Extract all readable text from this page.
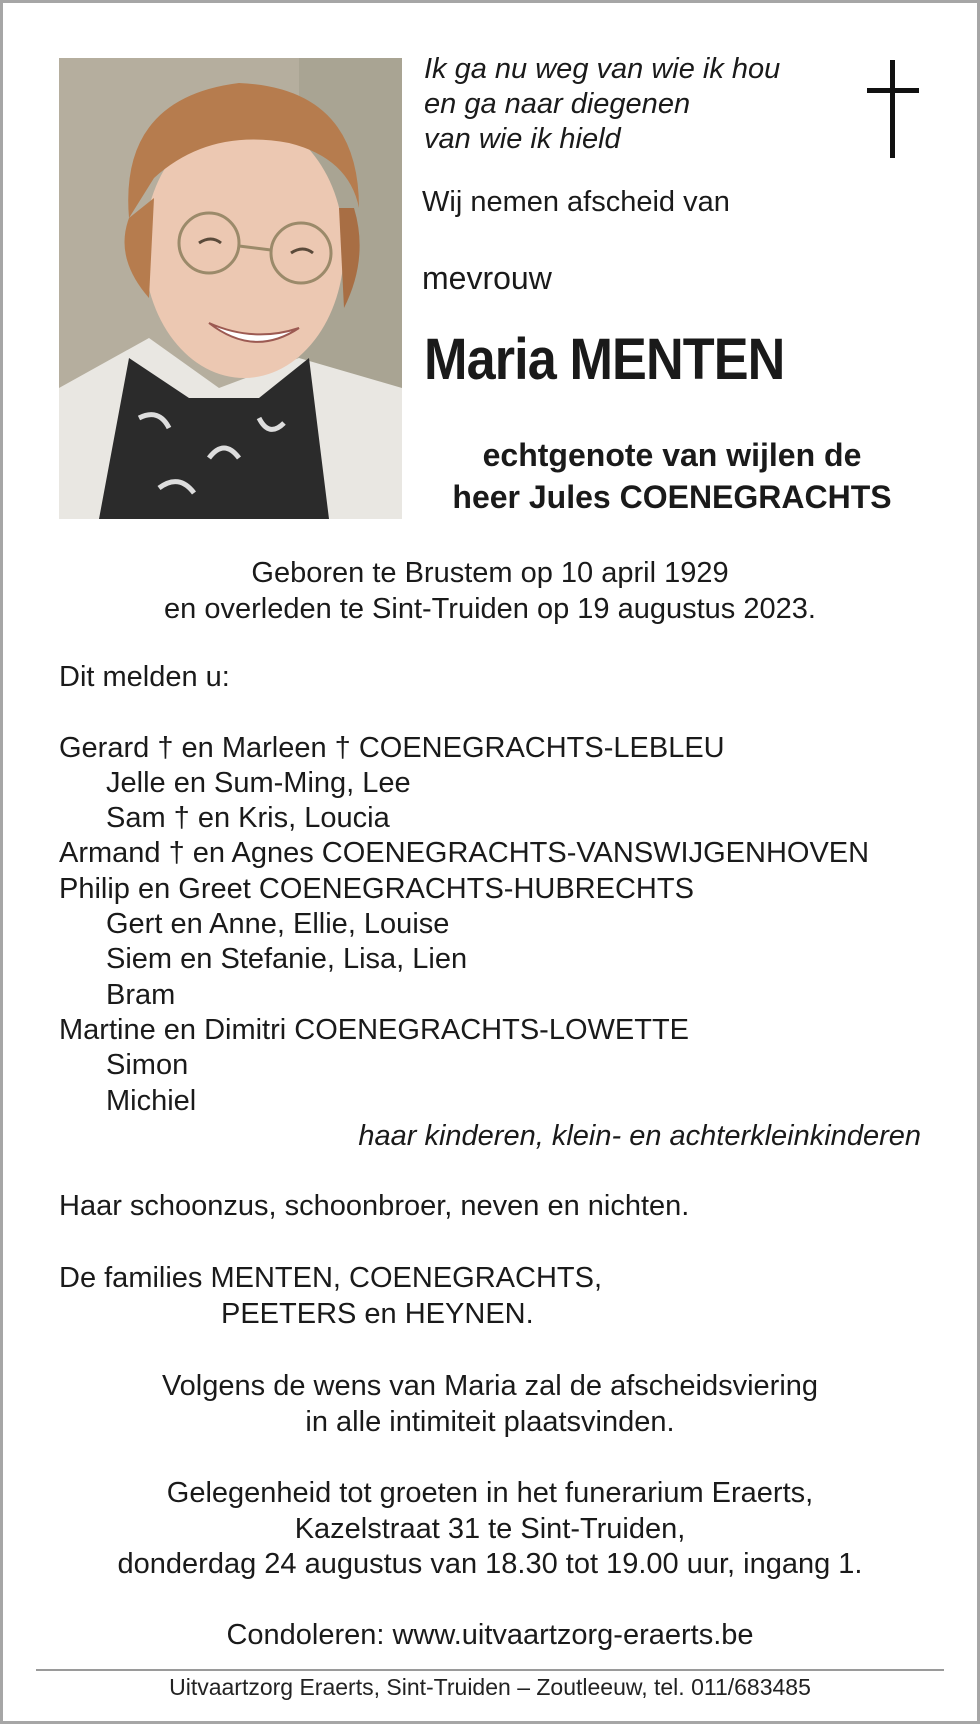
Ik ga nu weg van wie ik hou
en ga naar diegenen
van wie ik hield
Wij nemen afscheid van
mevrouw
Maria MENTEN
echtgenote van wijlen de
heer Jules COENEGRACHTS
Geboren te Brustem op 10 april 1929
en overleden te Sint-Truiden op 19 augustus 2023.
Dit melden u:
Gerard † en Marleen † COENEGRACHTS-LEBLEU
Jelle en Sum-Ming, Lee
Sam † en Kris, Loucia
Armand † en Agnes COENEGRACHTS-VANSWIJGENHOVEN
Philip en Greet COENEGRACHTS-HUBRECHTS
Gert en Anne, Ellie, Louise
Siem en Stefanie, Lisa, Lien
Bram
Martine en Dimitri COENEGRACHTS-LOWETTE
Simon
Michiel
haar kinderen, klein- en achterkleinkinderen
Haar schoonzus, schoonbroer, neven en nichten.
De families MENTEN, COENEGRACHTS,
PEETERS en HEYNEN.
Volgens de wens van Maria zal de afscheidsviering
in alle intimiteit plaatsvinden.
Gelegenheid tot groeten in het funerarium Eraerts,
Kazelstraat 31 te Sint-Truiden,
donderdag 24 augustus van 18.30 tot 19.00 uur, ingang 1.
Condoleren: www.uitvaartzorg-eraerts.be
Uitvaartzorg Eraerts, Sint-Truiden – Zoutleeuw, tel. 011/683485
